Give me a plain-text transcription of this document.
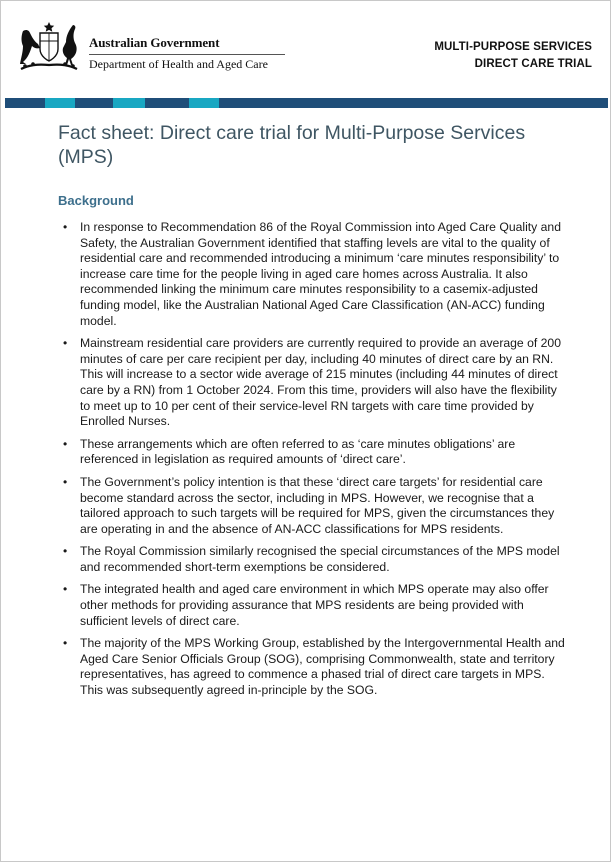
Australian Government
Department of Health and Aged Care
MULTI-PURPOSE SERVICES
DIRECT CARE TRIAL
Fact sheet: Direct care trial for Multi-Purpose Services (MPS)
Background
• In response to Recommendation 86 of the Royal Commission into Aged Care Quality and Safety, the Australian Government identified that staffing levels are vital to the quality of residential care and recommended introducing a minimum ‘care minutes responsibility’ to increase care time for the people living in aged care homes across Australia. It also recommended linking the minimum care minutes responsibility to a casemix-adjusted funding model, like the Australian National Aged Care Classification (AN-ACC) funding model.
• Mainstream residential care providers are currently required to provide an average of 200 minutes of care per care recipient per day, including 40 minutes of direct care by an RN. This will increase to a sector wide average of 215 minutes (including 44 minutes of direct care by a RN) from 1 October 2024. From this time, providers will also have the flexibility to meet up to 10 per cent of their service-level RN targets with care time provided by Enrolled Nurses.
• These arrangements which are often referred to as ‘care minutes obligations’ are referenced in legislation as required amounts of ‘direct care’.
• The Government’s policy intention is that these ‘direct care targets’ for residential care become standard across the sector, including in MPS. However, we recognise that a tailored approach to such targets will be required for MPS, given the circumstances they are operating in and the absence of AN-ACC classifications for MPS residents.
• The Royal Commission similarly recognised the special circumstances of the MPS model and recommended short-term exemptions be considered.
• The integrated health and aged care environment in which MPS operate may also offer other methods for providing assurance that MPS residents are being provided with sufficient levels of direct care.
• The majority of the MPS Working Group, established by the Intergovernmental Health and Aged Care Senior Officials Group (SOG), comprising Commonwealth, state and territory representatives, has agreed to commence a phased trial of direct care targets in MPS. This was subsequently agreed in-principle by the SOG.
